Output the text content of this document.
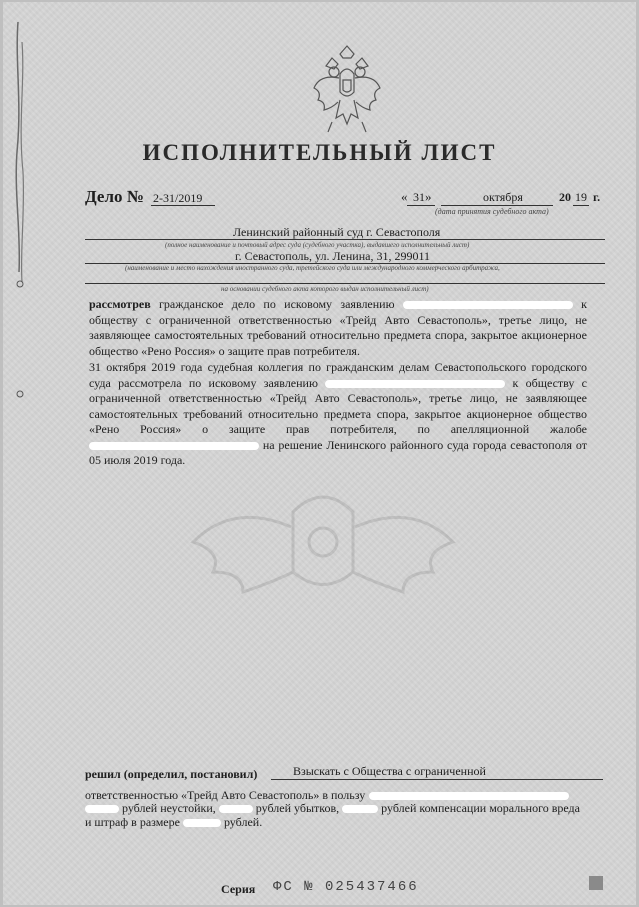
ИСПОЛНИТЕЛЬНЫЙ ЛИСТ
Дело № 2-31/2019	« 31 »	октября	20 19 г.
(дата принятия судебного акта)
Ленинский районный суд г. Севастополя
(полное наименование и почтовый адрес суда (судебного участка), выдавшего исполнительный лист)
г. Севастополь, ул. Ленина, 31, 299011
(наименование и место нахождения иностранного суда, третейского суда или международного коммерческого арбитража,
на основании судебного акта которого выдан исполнительный лист)
рассмотрев гражданское дело по исковому заявлению	к обществу с ограниченной ответственностью «Трейд Авто Севастополь», третье лицо, не заявляющее самостоятельных требований относительно предмета спора, закрытое акционерное общество «Рено Россия» о защите прав потребителя.
31 октября 2019 года судебная коллегия по гражданским делам Севастопольского городского суда рассмотрела по исковому заявлению	к обществу с ограниченной ответственностью «Трейд Авто Севастополь», третье лицо, не заявляющее самостоятельных требований относительно предмета спора, закрытое акционерное общество «Рено Россия» о защите прав потребителя, по апелляционной жалобе  на решение Ленинского районного суда города севастополя от 05 июля 2019 года.
решил (определил, постановил)	Взыскать с Общества с ограниченной
ответственностью «Трейд Авто Севастополь» в пользу
рублей неустойки,	рублей убытков,	рублей компенсации морального вреда
и штраф в размере	рублей.
Серия ФС № 025437466
